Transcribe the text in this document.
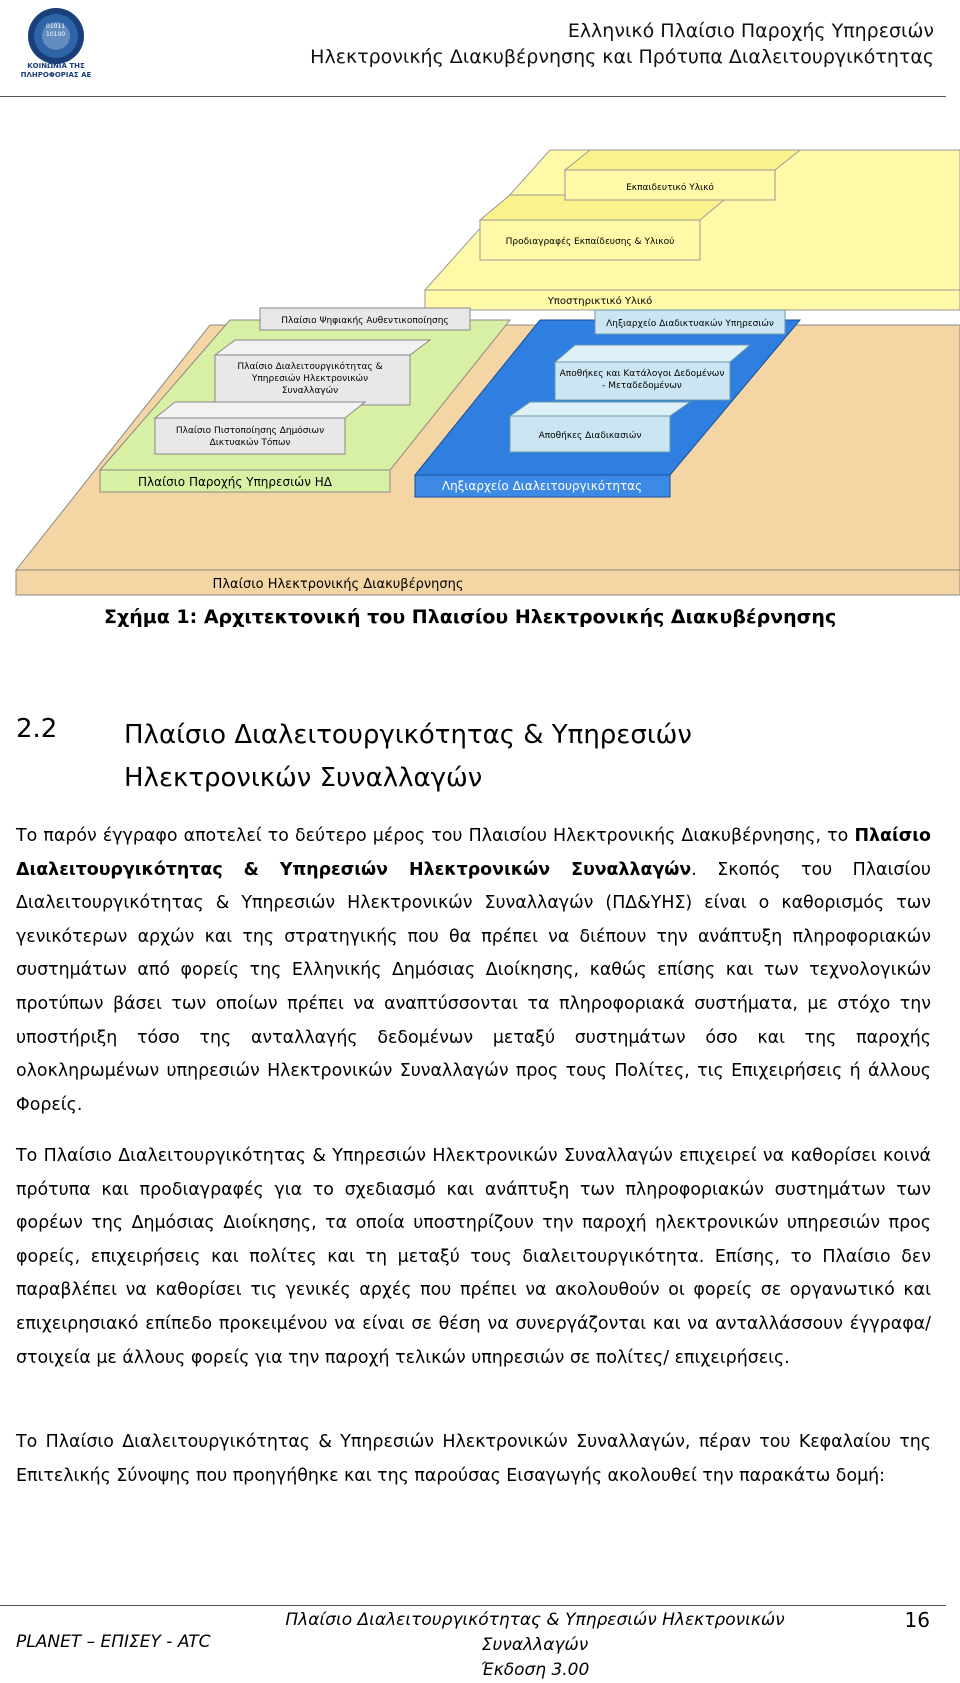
01011
10100
ΚΟΙΝΩΝΙΑ ΤΗΣ
ΠΛΗΡΟΦΟΡΙΑΣ ΑΕ
Ελληνικό Πλαίσιο Παροχής Υπηρεσιών
Ηλεκτρονικής Διακυβέρνησης και Πρότυπα Διαλειτουργικότητας
Πλαίσιο Ηλεκτρονικής Διακυβέρνησης
Υποστηρικτικό Υλικό
Προδιαγραφές Εκπαίδευσης & Υλικού
Εκπαιδευτικό Υλικό
Πλαίσιο Παροχής Υπηρεσιών ΗΔ
Πλαίσιο Ψηφιακής Αυθεντικοποίησης
Πλαίσιο Διαλειτουργικότητας &
Υπηρεσιών Ηλεκτρονικών
Συναλλαγών
Πλαίσιο Πιστοποίησης Δημόσιων
Δικτυακών Τόπων
Ληξιαρχείο Διαλειτουργικότητας
Ληξιαρχείο Διαδικτυακών Υπηρεσιών
Αποθήκες και Κατάλογοι Δεδομένων
- Μεταδεδομένων
Αποθήκες Διαδικασιών
Σχήμα 1: Αρχιτεκτονική του Πλαισίου Ηλεκτρονικής Διακυβέρνησης
2.2	Πλαίσιο Διαλειτουργικότητας & Υπηρεσιών Ηλεκτρονικών Συναλλαγών

Το παρόν έγγραφο αποτελεί το δεύτερο μέρος του Πλαισίου Ηλεκτρονικής Διακυβέρνησης, το Πλαίσιο Διαλειτουργικότητας & Υπηρεσιών Ηλεκτρονικών Συναλλαγών. Σκοπός του Πλαισίου Διαλειτουργικότητας & Υπηρεσιών Ηλεκτρονικών Συναλλαγών (ΠΔ&ΥΗΣ) είναι ο καθορισμός των γενικότερων αρχών και της στρατηγικής που θα πρέπει να διέπουν την ανάπτυξη πληροφοριακών συστημάτων από φορείς της Ελληνικής Δημόσιας Διοίκησης, καθώς επίσης και των τεχνολογικών προτύπων βάσει των οποίων πρέπει να αναπτύσσονται τα πληροφοριακά συστήματα, με στόχο την υποστήριξη τόσο της ανταλλαγής δεδομένων μεταξύ συστημάτων όσο και της παροχής ολοκληρωμένων υπηρεσιών Ηλεκτρονικών Συναλλαγών προς τους Πολίτες, τις Επιχειρήσεις ή άλλους Φορείς.

Το Πλαίσιο Διαλειτουργικότητας & Υπηρεσιών Ηλεκτρονικών Συναλλαγών επιχειρεί να καθορίσει κοινά πρότυπα και προδιαγραφές για το σχεδιασμό και ανάπτυξη των πληροφοριακών συστημάτων των φορέων της Δημόσιας Διοίκησης, τα οποία υποστηρίζουν την παροχή ηλεκτρονικών υπηρεσιών προς φορείς, επιχειρήσεις και πολίτες και τη μεταξύ τους διαλειτουργικότητα. Επίσης, το Πλαίσιο δεν παραβλέπει να καθορίσει τις γενικές αρχές που πρέπει να ακολουθούν οι φορείς σε οργανωτικό και επιχειρησιακό επίπεδο προκειμένου να είναι σε θέση να συνεργάζονται και να ανταλλάσσουν έγγραφα/ στοιχεία με άλλους φορείς για την παροχή τελικών υπηρεσιών σε πολίτες/ επιχειρήσεις.

Το Πλαίσιο Διαλειτουργικότητας & Υπηρεσιών Ηλεκτρονικών Συναλλαγών, πέραν του Κεφαλαίου της Επιτελικής Σύνοψης που προηγήθηκε και της παρούσας Εισαγωγής ακολουθεί την παρακάτω δομή:

PLANET – ΕΠΙΣΕΥ - ATC
Πλαίσιο Διαλειτουργικότητας & Υπηρεσιών Ηλεκτρονικών
Συναλλαγών
Έκδοση 3.00
16
